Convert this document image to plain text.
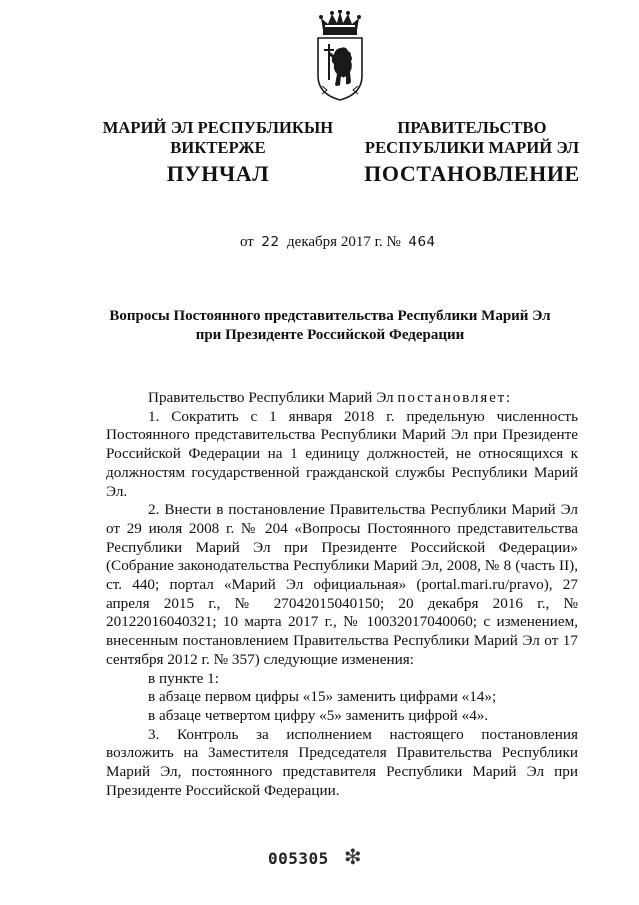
МАРИЙ ЭЛ РЕСПУБЛИКЫН
ВИКТЕРЖЕ
ПУНЧАЛ
ПРАВИТЕЛЬСТВО
РЕСПУБЛИКИ МАРИЙ ЭЛ
ПОСТАНОВЛЕНИЕ
от 22 декабря 2017 г. № 464
Вопросы Постоянного представительства Республики Марий Эл
при Президенте Российской Федерации

Правительство Республики Марий Эл постановляет:

1. Сократить с 1 января 2018 г. предельную численность Постоянного представительства Республики Марий Эл при Президенте Российской Федерации на 1 единицу должностей, не относящихся к должностям государственной гражданской службы Республики Марий Эл.

2. Внести в постановление Правительства Республики Марий Эл от 29 июля 2008 г. № 204 «Вопросы Постоянного представительства Республики Марий Эл при Президенте Российской Федерации» (Собрание законодательства Республики Марий Эл, 2008, № 8 (часть II), ст. 440; портал «Марий Эл официальная» (portal.mari.ru/pravo), 27 апреля 2015 г., № 27042015040150; 20 декабря 2016 г., № 20122016040321; 10 марта 2017 г., № 10032017040060; с изменением, внесенным постановлением Правительства Республики Марий Эл от 17 сентября 2012 г. № 357) следующие изменения:

в пункте 1:

в абзаце первом цифры «15» заменить цифрами «14»;

в абзаце четвертом цифру «5» заменить цифрой «4».

3. Контроль за исполнением настоящего постановления возложить на Заместителя Председателя Правительства Республики Марий Эл, постоянного представителя Республики Марий Эл при Президенте Российской Федерации.

005305 ❇
